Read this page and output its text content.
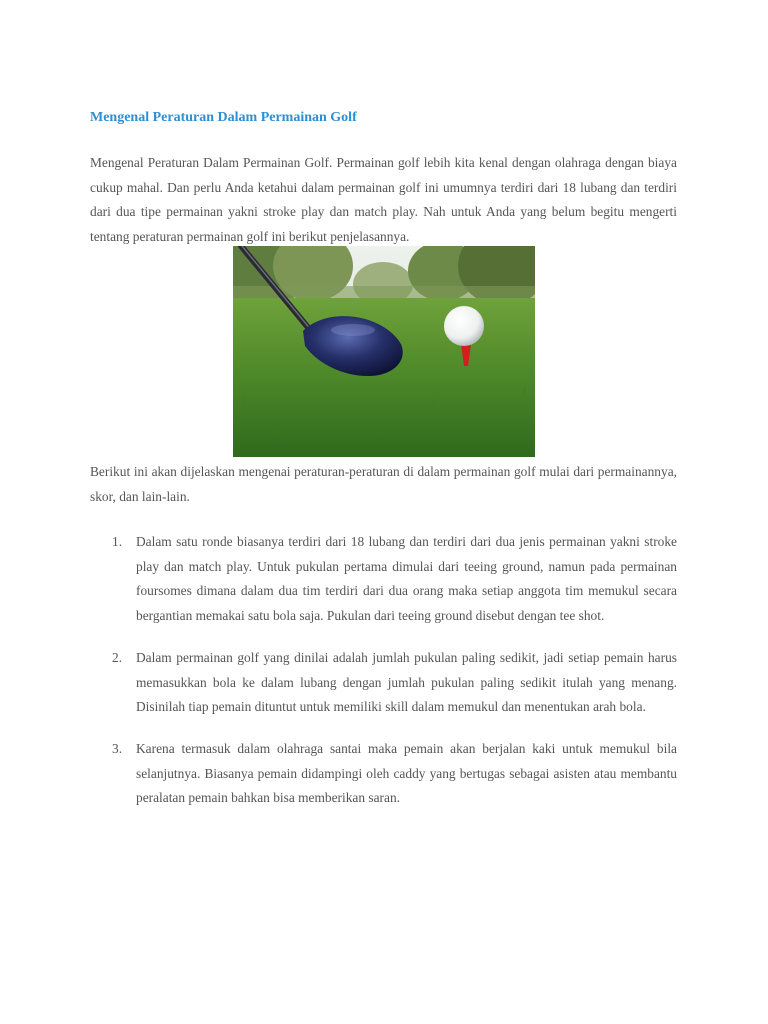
Mengenal Peraturan Dalam Permainan Golf

Mengenal Peraturan Dalam Permainan Golf. Permainan golf lebih kita kenal dengan olahraga dengan biaya cukup mahal. Dan perlu Anda ketahui dalam permainan golf ini umumnya terdiri dari 18 lubang dan terdiri dari dua tipe permainan yakni stroke play dan match play. Nah untuk Anda yang belum begitu mengerti tentang peraturan permainan golf ini berikut penjelasannya.

Berikut ini akan dijelaskan mengenai peraturan-peraturan di dalam permainan golf mulai dari permainannya, skor, dan lain-lain.

1. Dalam satu ronde biasanya terdiri dari 18 lubang dan terdiri dari dua jenis permainan yakni stroke play dan match play. Untuk pukulan pertama dimulai dari teeing ground, namun pada permainan foursomes dimana dalam dua tim terdiri dari dua orang maka setiap anggota tim memukul secara bergantian memakai satu bola saja. Pukulan dari teeing ground disebut dengan tee shot.
2. Dalam permainan golf yang dinilai adalah jumlah pukulan paling sedikit, jadi setiap pemain harus memasukkan bola ke dalam lubang dengan jumlah pukulan paling sedikit itulah yang menang. Disinilah tiap pemain dituntut untuk memiliki skill dalam memukul dan menentukan arah bola.
3. Karena termasuk dalam olahraga santai maka pemain akan berjalan kaki untuk memukul bila selanjutnya. Biasanya pemain didampingi oleh caddy yang bertugas sebagai asisten atau membantu peralatan pemain bahkan bisa memberikan saran.
